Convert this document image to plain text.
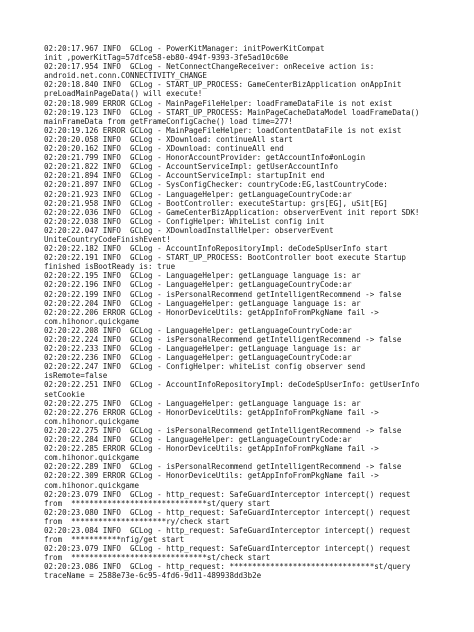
02:20:17.967 INFO  GCLog - PowerKitManager: initPowerKitCompat
init ,powerKitTag=57dfce58-eb80-494f-9393-3fe5ad10c60e
02:20:17.954 INFO  GCLog - NetConnectChangeReceiver: onReceive action is:
android.net.conn.CONNECTIVITY_CHANGE
02:20:18.840 INFO  GCLog - START_UP_PROCESS: GameCenterBizApplication onAppInit
preLoadMainPageData() will execute!
02:20:18.909 ERROR GCLog - MainPageFileHelper: loadFrameDataFile is not exist
02:20:19.123 INFO  GCLog - START_UP_PROCESS: MainPageCacheDataModel loadFrameData()
mainFrameData from getFrameConfigCache() load time=277!
02:20:19.126 ERROR GCLog - MainPageFileHelper: loadContentDataFile is not exist
02:20:20.058 INFO  GCLog - XDownload: continueAll start
02:20:20.162 INFO  GCLog - XDownload: continueAll end
02:20:21.799 INFO  GCLog - HonorAccountProvider: getAccountInfo#onLogin
02:20:21.822 INFO  GCLog - AccountServiceImpl: getUserAccountInfo
02:20:21.894 INFO  GCLog - AccountServiceImpl: startupInit end
02:20:21.897 INFO  GCLog - SysConfigChecker: countryCode:EG,lastCountryCode:
02:20:21.923 INFO  GCLog - LanguageHelper: getLanguageCountryCode:ar
02:20:21.958 INFO  GCLog - BootController: executeStartup: grs[EG], uSit[EG]
02:20:22.036 INFO  GCLog - GameCenterBizApplication: observerEvent init report SDK!
02:20:22.038 INFO  GCLog - ConfigHelper: WhiteList config init
02:20:22.047 INFO  GCLog - XDownloadInstallHelper: observerEvent
UniteCountryCodeFinishEvent!
02:20:22.182 INFO  GCLog - AccountInfoRepositoryImpl: deCodeSpUserInfo start
02:20:22.191 INFO  GCLog - START_UP_PROCESS: BootController boot execute Startup
finished isBootReady is: true
02:20:22.195 INFO  GCLog - LanguageHelper: getLanguage language is: ar
02:20:22.196 INFO  GCLog - LanguageHelper: getLanguageCountryCode:ar
02:20:22.199 INFO  GCLog - isPersonalRecommend getIntelligentRecommend -> false
02:20:22.204 INFO  GCLog - LanguageHelper: getLanguage language is: ar
02:20:22.206 ERROR GCLog - HonorDeviceUtils: getAppInfoFromPkgName fail ->
com.hihonor.quickgame
02:20:22.208 INFO  GCLog - LanguageHelper: getLanguageCountryCode:ar
02:20:22.224 INFO  GCLog - isPersonalRecommend getIntelligentRecommend -> false
02:20:22.233 INFO  GCLog - LanguageHelper: getLanguage language is: ar
02:20:22.236 INFO  GCLog - LanguageHelper: getLanguageCountryCode:ar
02:20:22.247 INFO  GCLog - ConfigHelper: whiteList config observer send
isRemote=false
02:20:22.251 INFO  GCLog - AccountInfoRepositoryImpl: deCodeSpUserInfo: getUserInfo
setCookie
02:20:22.275 INFO  GCLog - LanguageHelper: getLanguage language is: ar
02:20:22.276 ERROR GCLog - HonorDeviceUtils: getAppInfoFromPkgName fail ->
com.hihonor.quickgame
02:20:22.275 INFO  GCLog - isPersonalRecommend getIntelligentRecommend -> false
02:20:22.284 INFO  GCLog - LanguageHelper: getLanguageCountryCode:ar
02:20:22.285 ERROR GCLog - HonorDeviceUtils: getAppInfoFromPkgName fail ->
com.hihonor.quickgame
02:20:22.289 INFO  GCLog - isPersonalRecommend getIntelligentRecommend -> false
02:20:22.309 ERROR GCLog - HonorDeviceUtils: getAppInfoFromPkgName fail ->
com.hihonor.quickgame
02:20:23.079 INFO  GCLog - http_request: SafeGuardInterceptor intercept() request
from  ******************************st/query start
02:20:23.080 INFO  GCLog - http_request: SafeGuardInterceptor intercept() request
from  *********************ry/check start
02:20:23.084 INFO  GCLog - http_request: SafeGuardInterceptor intercept() request
from  ***********nfig/get start
02:20:23.079 INFO  GCLog - http_request: SafeGuardInterceptor intercept() request
from  ******************************st/check start
02:20:23.086 INFO  GCLog - http_request: ********************************st/query
traceName = 2588e73e-6c95-4fd6-9d11-489938dd3b2e
